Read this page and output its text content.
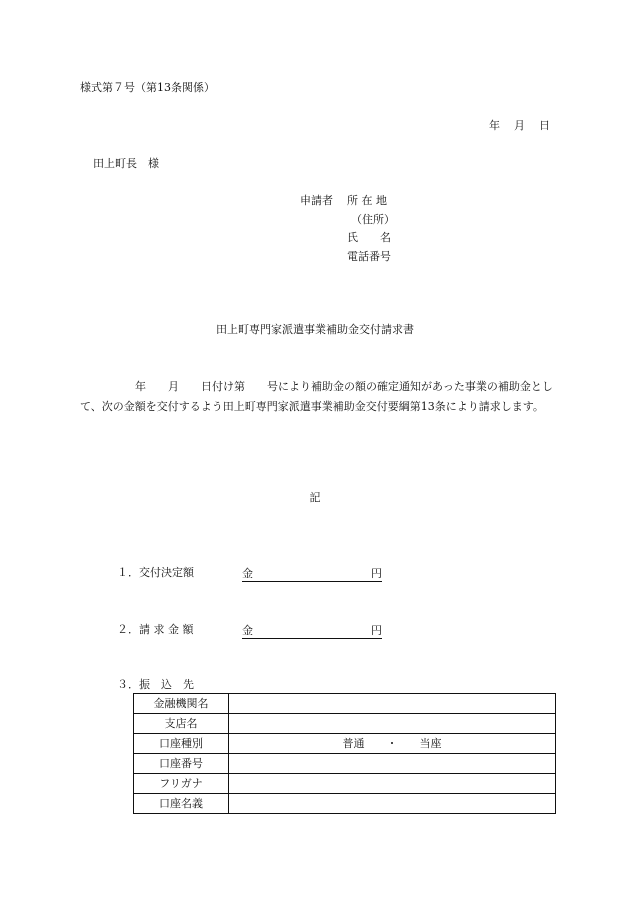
様式第７号（第13条関係）
年 月 日
田上町長　様
申請者 所 在 地
（住所）
氏　　名
電話番号
田上町専門家派遣事業補助金交付請求書
　　　　　年　　月　　日付け第　　号により補助金の額の確定通知があった事業の補助金として、次の金額を交付するよう田上町専門家派遣事業補助金交付要綱第13条により請求します。
記
１．交付決定額	金	円
２．請 求 金 額	金	円
３．振　込　先
金融機関名	
支店名	
口座種別	普通　　・　　当座
口座番号	
フリガナ	
口座名義	
